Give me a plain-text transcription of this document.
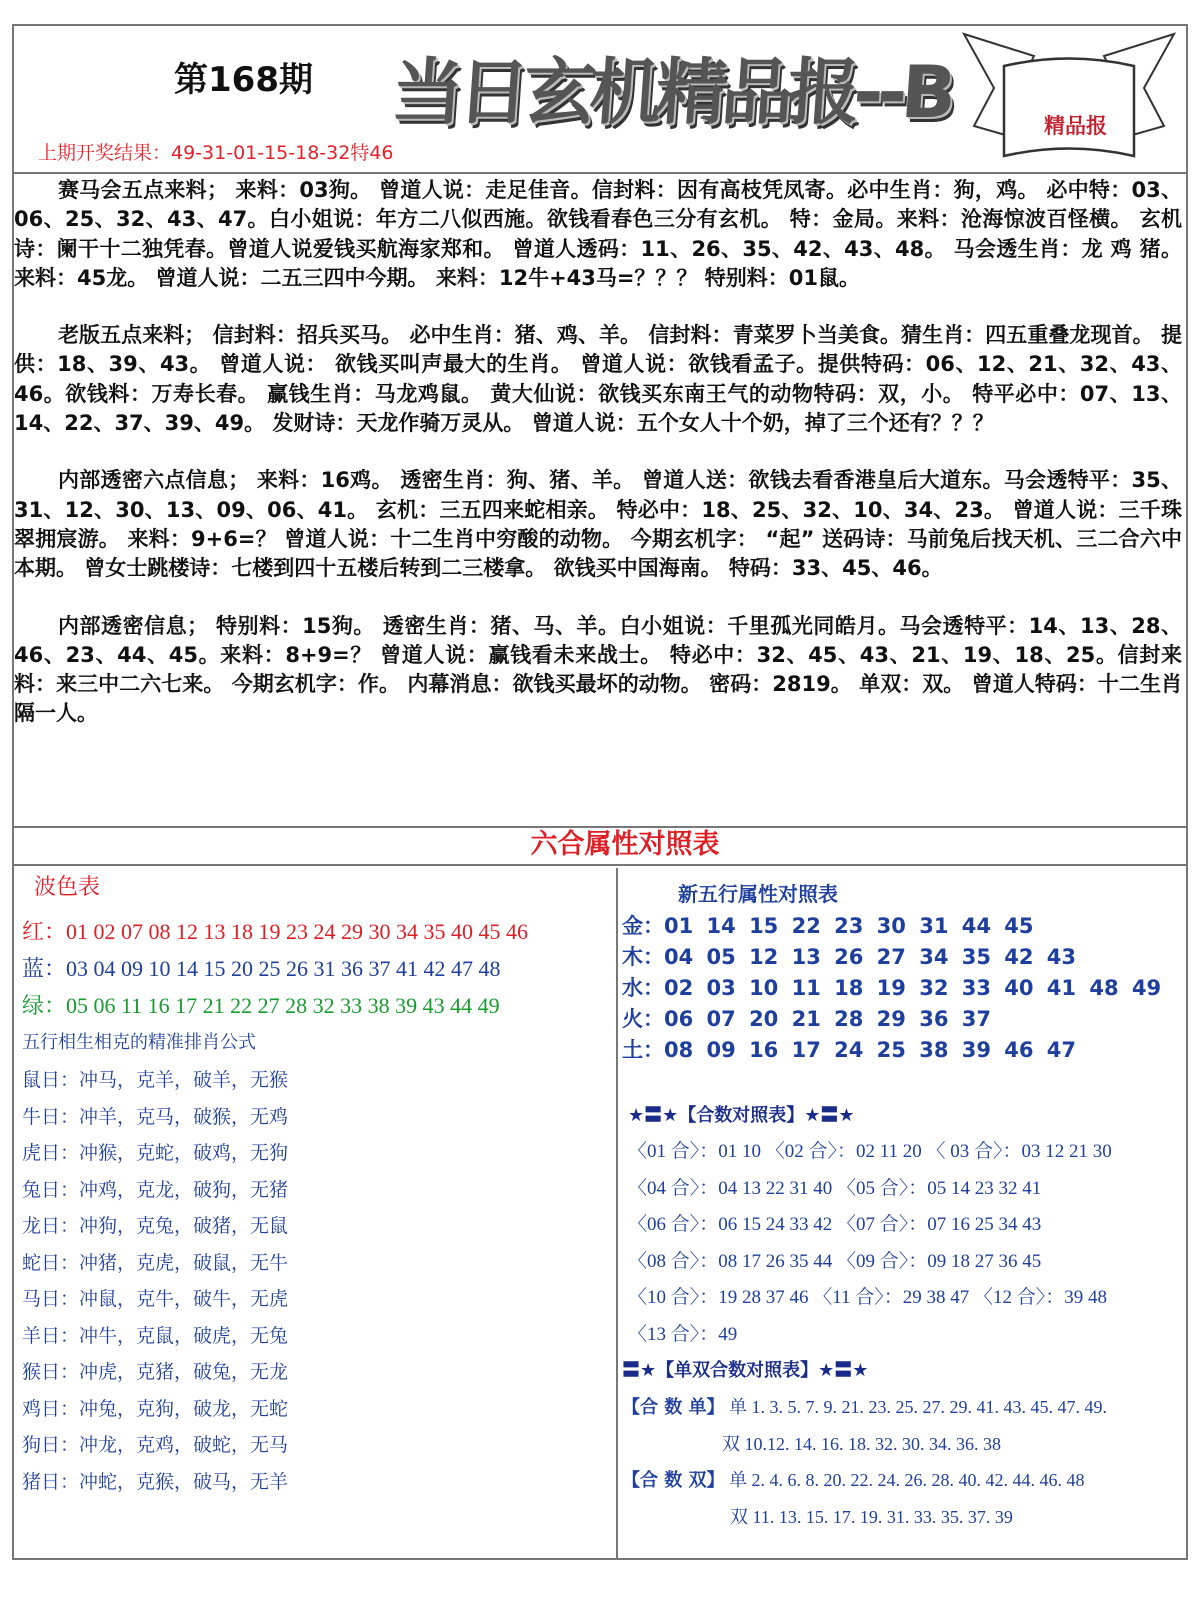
第168期 当日玄机精品报--B	精品报
上期开奖结果：49-31-01-15-18-32特46

赛马会五点来料； 来料：03狗。 曾道人说：走足佳音。信封料：因有高枝凭凤寄。必中生肖：狗，鸡。 必中特：03、06、25、32、43、47。白小姐说：年方二八似西施。欲钱看春色三分有玄机。 特：金局。来料：沧海惊波百怪横。 玄机诗：阑干十二独凭春。曾道人说爱钱买航海家郑和。 曾道人透码：11、26、35、42、43、48。 马会透生肖：龙 鸡 猪。 来料：45龙。 曾道人说：二五三四中今期。 来料：12牛+43马=？？？ 特别料：01鼠。

老版五点来料； 信封料：招兵买马。 必中生肖：猪、鸡、羊。 信封料：青菜罗卜当美食。猜生肖：四五重叠龙现首。 提供：18、39、43。 曾道人说： 欲钱买叫声最大的生肖。 曾道人说：欲钱看孟子。提供特码：06、12、21、32、43、46。欲钱料：万寿长春。 赢钱生肖：马龙鸡鼠。 黄大仙说：欲钱买东南王气的动物特码：双，小。 特平必中：07、13、14、22、37、39、49。 发财诗：天龙作骑万灵从。 曾道人说：五个女人十个奶，掉了三个还有？？？

内部透密六点信息； 来料：16鸡。 透密生肖：狗、猪、羊。 曾道人送：欲钱去看香港皇后大道东。马会透特平：35、31、12、30、13、09、06、41。 玄机：三五四来蛇相亲。 特必中：18、25、32、10、34、23。 曾道人说：三千珠翠拥宸游。 来料：9+6=？ 曾道人说：十二生肖中穷酸的动物。 今期玄机字： “起” 送码诗：马前兔后找天机、三二合六中本期。 曾女士跳楼诗：七楼到四十五楼后转到二三楼拿。 欲钱买中国海南。 特码：33、45、46。

内部透密信息； 特别料：15狗。 透密生肖：猪、马、羊。白小姐说：千里孤光同皓月。马会透特平：14、13、28、46、23、44、45。来料：8+9=？ 曾道人说：赢钱看未来战士。 特必中：32、45、43、21、19、18、25。信封来料：来三中二六七来。 今期玄机字：作。 内幕消息：欲钱买最坏的动物。 密码：2819。 单双：双。 曾道人特码：十二生肖隔一人。

六合属性对照表
波色表
红：01 02 07 08 12 13 18 19 23 24 29 30 34 35 40 45 46
蓝：03 04 09 10 14 15 20 25 26 31 36 37 41 42 47 48
绿：05 06 11 16 17 21 22 27 28 32 33 38 39 43 44 49
五行相生相克的精准排肖公式
鼠日：冲马，克羊，破羊，无猴
牛日：冲羊，克马，破猴，无鸡
虎日：冲猴，克蛇，破鸡，无狗
兔日：冲鸡，克龙，破狗，无猪
龙日：冲狗，克兔，破猪，无鼠
蛇日：冲猪，克虎，破鼠，无牛
马日：冲鼠，克牛，破牛，无虎
羊日：冲牛，克鼠，破虎，无兔
猴日：冲虎，克猪，破兔，无龙
鸡日：冲兔，克狗，破龙，无蛇
狗日：冲龙，克鸡，破蛇，无马
猪日：冲蛇，克猴，破马，无羊
新五行属性对照表
金：01 14 15 22 23 30 31 44 45
木：04 05 12 13 26 27 34 35 42 43
水：02 03 10 11 18 19 32 33 40 41 48 49
火：06 07 20 21 28 29 36 37
土：08 09 16 17 24 25 38 39 46 47
★〓★【合数对照表】★〓★
〈01 合〉：01 10 〈02 合〉：02 11 20 〈 03 合〉：03 12 21 30
〈04 合〉：04 13 22 31 40 〈05 合〉：05 14 23 32 41
〈06 合〉：06 15 24 33 42 〈07 合〉：07 16 25 34 43
〈08 合〉：08 17 26 35 44 〈09 合〉：09 18 27 36 45
〈10 合〉：19 28 37 46 〈11 合〉：29 38 47 〈12 合〉：39 48
〈13 合〉：49
〓★【单双合数对照表】★〓★
【合 数 单】 单 1. 3. 5. 7. 9. 21. 23. 25. 27. 29. 41. 43. 45. 47. 49.
双 10.12. 14. 16. 18. 32. 30. 34. 36. 38
【合 数 双】 单 2. 4. 6. 8. 20. 22. 24. 26. 28. 40. 42. 44. 46. 48
双 11. 13. 15. 17. 19. 31. 33. 35. 37. 39
